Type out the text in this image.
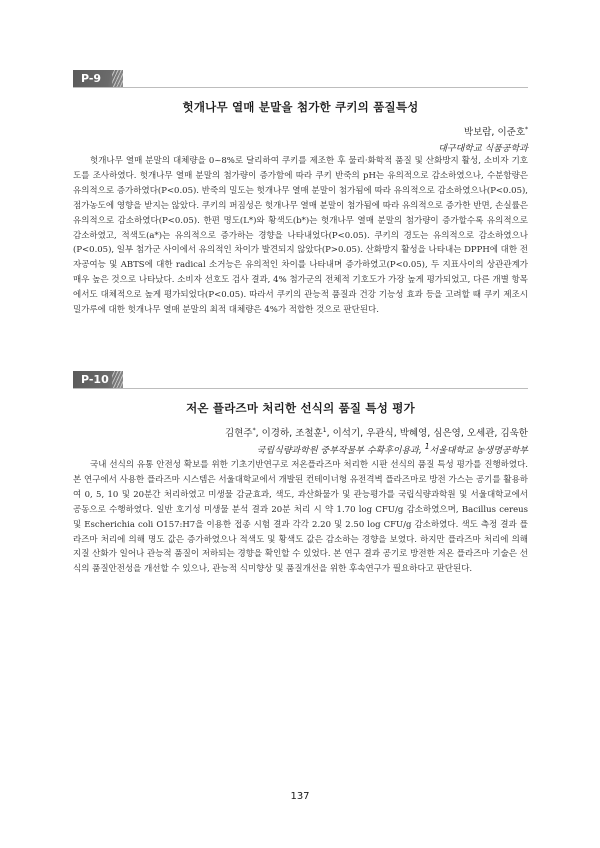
P-9
헛개나무 열매 분말을 첨가한 쿠키의 품질특성
박보람, 이준호*
대구대학교 식품공학과

헛개나무 열매 분말의 대체량을 0~8%로 달리하여 쿠키를 제조한 후 물리·화학적 품질 및 산화방지 활성, 소비자 기호도를 조사하였다. 헛개나무 열매 분말의 첨가량이 증가함에 따라 쿠키 반죽의 pH는 유의적으로 감소하였으나, 수분함량은 유의적으로 증가하였다(P<0.05). 반죽의 밀도는 헛개나무 열매 분말이 첨가됨에 따라 유의적으로 감소하였으나(P<0.05), 점가농도에 영향을 받지는 않았다. 쿠키의 퍼짐성은 헛개나무 열매 분말이 첨가됨에 따라 유의적으로 증가한 반면, 손실률은 유의적으로 감소하였다(P<0.05). 한편 명도(L*)와 황색도(b*)는 헛개나무 열매 분말의 첨가량이 증가할수록 유의적으로 감소하였고, 적색도(a*)는 유의적으로 증가하는 경향을 나타내었다(P<0.05). 쿠키의 경도는 유의적으로 감소하였으나(P<0.05), 일부 첨가군 사이에서 유의적인 차이가 발견되지 않았다(P>0.05). 산화방지 활성을 나타내는 DPPH에 대한 전자공여능 및 ABTS에 대한 radical 소거능은 유의적인 차이를 나타내며 증가하였고(P<0.05), 두 지표사이의 상관관계가 매우 높은 것으로 나타났다. 소비자 선호도 검사 결과, 4% 첨가군의 전체적 기호도가 가장 높게 평가되었고, 다른 개별 항목에서도 대체적으로 높게 평가되었다(P<0.05). 따라서 쿠키의 관능적 품질과 건강 기능성 효과 등을 고려할 때 쿠키 제조시 밀가루에 대한 헛개나무 열매 분말의 최적 대체량은 4%가 적합한 것으로 판단된다.

P-10
저온 플라즈마 처리한 선식의 품질 특성 평가
김현주*, 이경하, 조철훈$^1$, 이석기, 우관식, 박혜영, 심은영, 오세관, 김욱한
국립식량과학원 중부작물부 수확후이용과, $^1$서울대학교 농생명공학부

국내 선식의 유통 안전성 확보를 위한 기초기반연구로 저온플라즈마 처리한 시판 선식의 품질 특성 평가를 진행하였다. 본 연구에서 사용한 플라즈마 시스템은 서울대학교에서 개발된 컨테이너형 유전격벽 플라즈마로 방전 가스는 공기를 활용하여 0, 5, 10 및 20분간 처리하였고 미생물 감균효과, 색도, 과산화물가 및 관능평가를 국립식량과학원 및 서울대학교에서 공동으로 수행하였다. 일반 호기성 미생물 분석 결과 20분 처리 시 약 1.70 log CFU/g 감소하였으며, Bacillus cereus 및 Escherichia coli O157:H7을 이용한 접종 시험 결과 각각 2.20 및 2.50 log CFU/g 감소하였다. 색도 측정 결과 플라즈마 처리에 의해 명도 값은 증가하였으나 적색도 및 황색도 값은 감소하는 경향을 보였다. 하지만 플라즈마 처리에 의해 지질 산화가 일어나 관능적 품질이 저하되는 경향을 확인할 수 있었다. 본 연구 결과 공기로 방전한 저온 플라즈마 기술은 선식의 품질안전성을 개선할 수 있으나, 관능적 식미향상 및 품질개선을 위한 후속연구가 필요하다고 판단된다.

137
